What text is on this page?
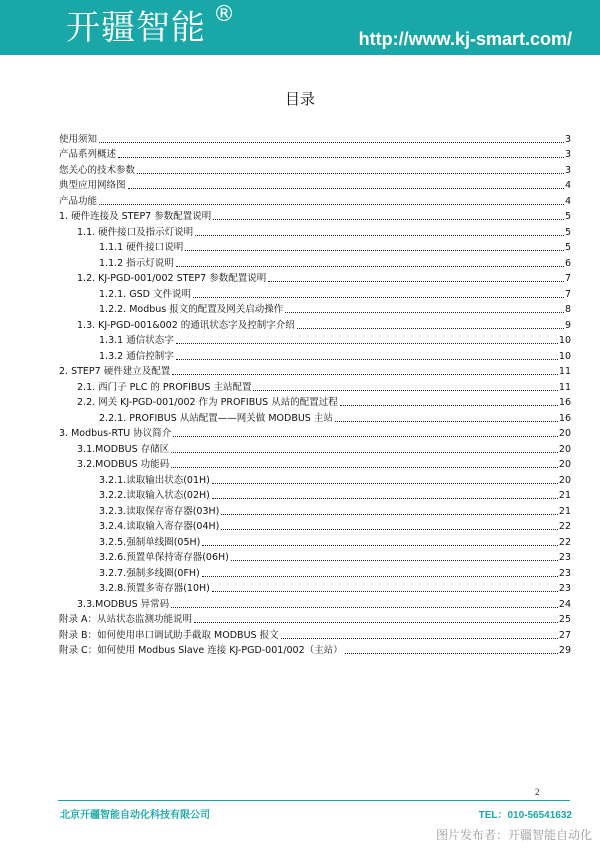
开疆智能 ®
http://www.kj-smart.com/
目录
使用须知	3
产品系列概述	3
您关心的技术参数	3
典型应用网络图	4
产品功能	4
1. 硬件连接及 STEP7 参数配置说明	5
1.1. 硬件接口及指示灯说明	5
1.1.1 硬件接口说明	5
1.1.2 指示灯说明	6
1.2. KJ-PGD-001/002 STEP7 参数配置说明	7
1.2.1. GSD 文件说明	7
1.2.2. Modbus 报文的配置及网关启动操作	8
1.3. KJ-PGD-001&002 的通讯状态字及控制字介绍	9
1.3.1 通信状态字	10
1.3.2 通信控制字	10
2. STEP7 硬件建立及配置	11
2.1. 西门子 PLC 的 PROFIBUS 主站配置	11
2.2. 网关 KJ-PGD-001/002 作为 PROFIBUS 从站的配置过程	16
2.2.1. PROFIBUS 从站配置——网关做 MODBUS 主站	16
3. Modbus-RTU 协议简介	20
3.1.MODBUS 存储区	20
3.2.MODBUS 功能码	20
3.2.1.读取输出状态(01H)	20
3.2.2.读取输入状态(02H)	21
3.2.3.读取保存寄存器(03H)	21
3.2.4.读取输入寄存器(04H)	22
3.2.5.强制单线圈(05H)	22
3.2.6.预置单保持寄存器(06H)	23
3.2.7.强制多线圈(0FH)	23
3.2.8.预置多寄存器(10H)	23
3.3.MODBUS 异常码	24
附录 A：从站状态监测功能说明	25
附录 B：如何使用串口调试助手截取 MODBUS 报文	27
附录 C：如何使用 Modbus Slave 连接 KJ-PGD-001/002（主站）	29
2
北京开疆智能自动化科技有限公司	TEL：010-56541632
图片发布者：开疆智能自动化
